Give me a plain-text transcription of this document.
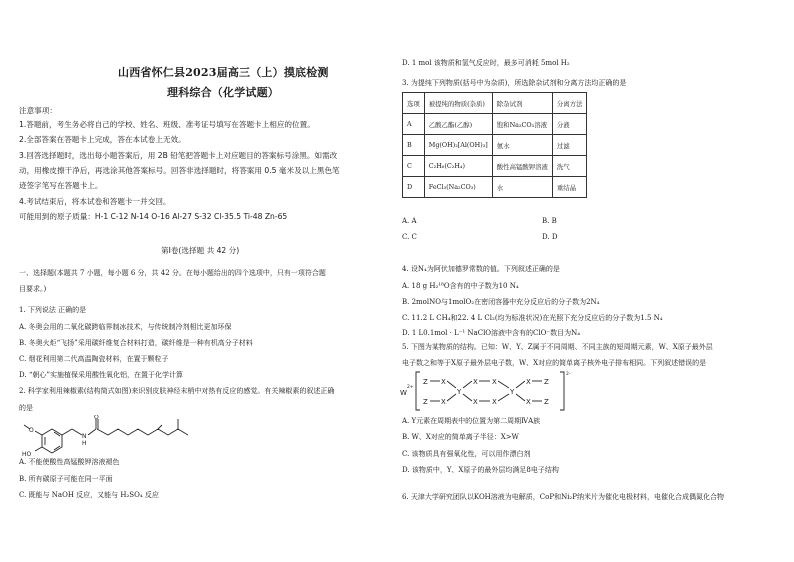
山西省怀仁县2023届高三（上）摸底检测
理科综合（化学试题）
注意事项：
1.答题前，考生务必将自己的学校、姓名、班级、准考证号填写在答题卡上相应的位置。
2.全部答案在答题卡上完成，答在本试卷上无效。
3.回答选择题时，选出每小题答案后，用 2B 铅笔把答题卡上对应题目的答案标号涂黑。如需改
动，用橡皮擦干净后，再选涂其他答案标号。回答非选择题时，将答案用 0.5 毫米及以上黑色笔
迹签字笔写在答题卡上。
4.考试结束后，将本试卷和答题卡一并交回。
可能用到的原子质量：H-1 C-12 N-14 O-16 Al-27 S-32 Cl-35.5 Ti-48 Zn-65
第Ⅰ卷(选择题 共 42 分)
一、选择题(本题共 7 小题，每小题 6 分，共 42 分。在每小题给出的四个选项中，只有一项符合题
目要求。)
1. 下列说法 正确的是
A. 冬奥会用的二氧化碳跨临界制冰技术，与传统制冷剂相比更加环保
B. 冬奥火炬“飞扬”采用碳纤维复合材料打造，碳纤维是一种有机高分子材料
C. 烟花利用第二代高温陶瓷材料，在置于颗粒子
D. “朝心”实施植保采用酸性氧化铝，在置于化学计算
2. 科学家利用辣椒素(结构简式如图)来识别皮肤神经末梢中对热有反应的感觉。有关辣椒素的叙述正确
的是
O
HO
N
H
O
A. 不能使酸性高锰酸钾溶液褪色
B. 所有碳原子可能在同一平面
C. 既能与 NaOH 反应，又能与 H₂SO₄ 反应
D. 1 mol 该物质和氢气反应时，最多可消耗 5mol H₂
3. 为提纯下列物质(括号中为杂质)，所选除杂试剂和分离方法均正确的是
选项	被提纯的物质(杂质)	除杂试剂	分离方法
A	乙酸乙酯(乙醇)	饱和Na₂CO₃溶液	分液
B	Mg(OH)₂[Al(OH)₃]	氨水	过滤
C	C₂H₆(C₂H₄)	酸性高锰酸钾溶液	洗气
D	FeCl₃(Na₂CO₃)	水	重结晶
A. A	B. B
C. C	D. D
4. 设N₄为阿伏加德罗常数的值。下列叙述正确的是
A. 18 g H₂¹⁸O含有的中子数为10 N₄
B. 2molNO与1molO₂在密闭容器中充分反应后的分子数为2N₄
C. 11.2 L CH₄和22. 4 L Cl₂(均为标准状况)在光照下充分反应后的分子数为1.5 N₄
D. 1 L0.1mol · L⁻¹ NaClO溶液中含有的ClO⁻数目为N₄
5. 下图为某物质的结构。已知：W、Y、Z属于不同周期、不同主族的短周期元素，W、X原子最外层
电子数之和等于X原子最外层电子数，W、X对应的简单离子核外电子排布相同。下列叙述错误的是
W
2+
Z
Z
X
X
Y
X
X
X
X
Y
X
X
Z
Z
2-
A. Y元素在周期表中的位置为第二周期ⅣA族
B. W、X对应的简单离子半径：X>W
C. 该物质具有强氧化性，可以用作漂白剂
D. 该物质中，Y、X原子的最外层均满足8电子结构
6. 天津大学研究团队以KOH溶液为电解质，CoP和Ni₂P纳米片为催化电极材料，电催化合成偶氮化合物
